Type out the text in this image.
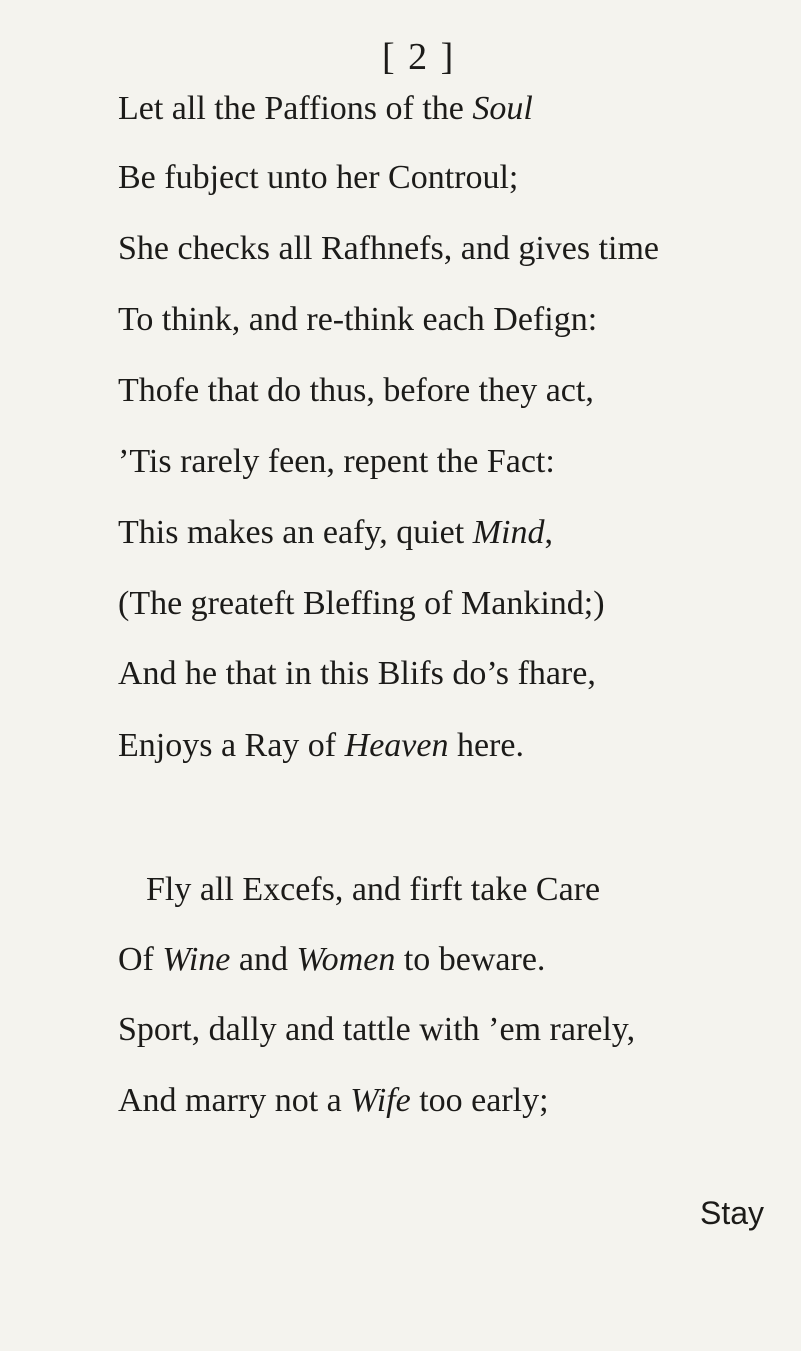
[ 2 ]
Let all the Paffions of the Soul
Be fubject unto her Controul;
She checks all Rafhnefs, and gives time
To think, and re-think each Defign:
Thofe that do thus, before they act,
’Tis rarely feen, repent the Fact:
This makes an eafy, quiet Mind,
(The greateft Bleffing of Mankind;)
And he that in this Blifs do’s fhare,
Enjoys a Ray of Heaven here.
Fly all Excefs, and firft take Care
Of Wine and Women to beware.
Sport, dally and tattle with ’em rarely,
And marry not a Wife too early;
Stay
